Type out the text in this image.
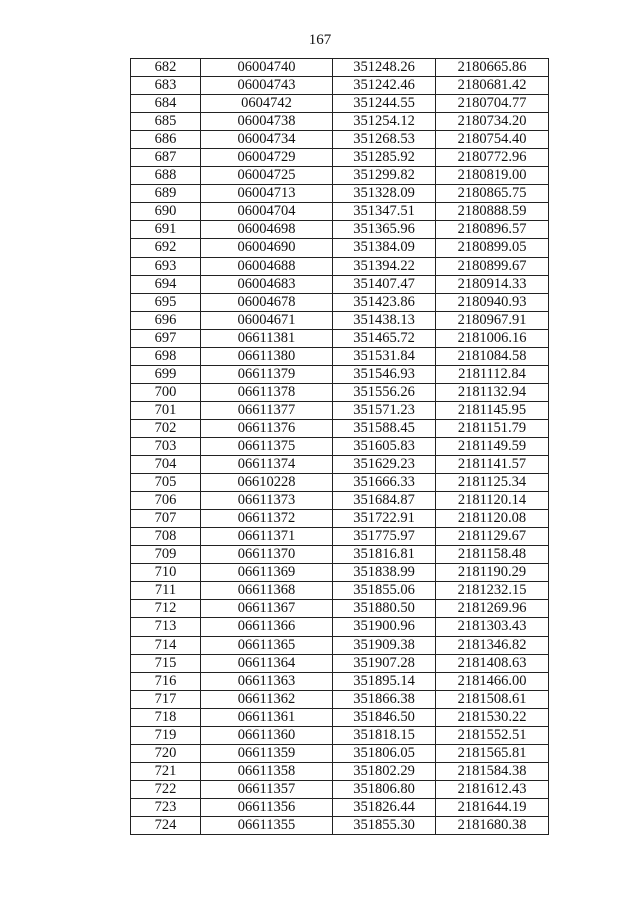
167
682	06004740	351248.26	2180665.86
683	06004743	351242.46	2180681.42
684	0604742	351244.55	2180704.77
685	06004738	351254.12	2180734.20
686	06004734	351268.53	2180754.40
687	06004729	351285.92	2180772.96
688	06004725	351299.82	2180819.00
689	06004713	351328.09	2180865.75
690	06004704	351347.51	2180888.59
691	06004698	351365.96	2180896.57
692	06004690	351384.09	2180899.05
693	06004688	351394.22	2180899.67
694	06004683	351407.47	2180914.33
695	06004678	351423.86	2180940.93
696	06004671	351438.13	2180967.91
697	06611381	351465.72	2181006.16
698	06611380	351531.84	2181084.58
699	06611379	351546.93	2181112.84
700	06611378	351556.26	2181132.94
701	06611377	351571.23	2181145.95
702	06611376	351588.45	2181151.79
703	06611375	351605.83	2181149.59
704	06611374	351629.23	2181141.57
705	06610228	351666.33	2181125.34
706	06611373	351684.87	2181120.14
707	06611372	351722.91	2181120.08
708	06611371	351775.97	2181129.67
709	06611370	351816.81	2181158.48
710	06611369	351838.99	2181190.29
711	06611368	351855.06	2181232.15
712	06611367	351880.50	2181269.96
713	06611366	351900.96	2181303.43
714	06611365	351909.38	2181346.82
715	06611364	351907.28	2181408.63
716	06611363	351895.14	2181466.00
717	06611362	351866.38	2181508.61
718	06611361	351846.50	2181530.22
719	06611360	351818.15	2181552.51
720	06611359	351806.05	2181565.81
721	06611358	351802.29	2181584.38
722	06611357	351806.80	2181612.43
723	06611356	351826.44	2181644.19
724	06611355	351855.30	2181680.38
